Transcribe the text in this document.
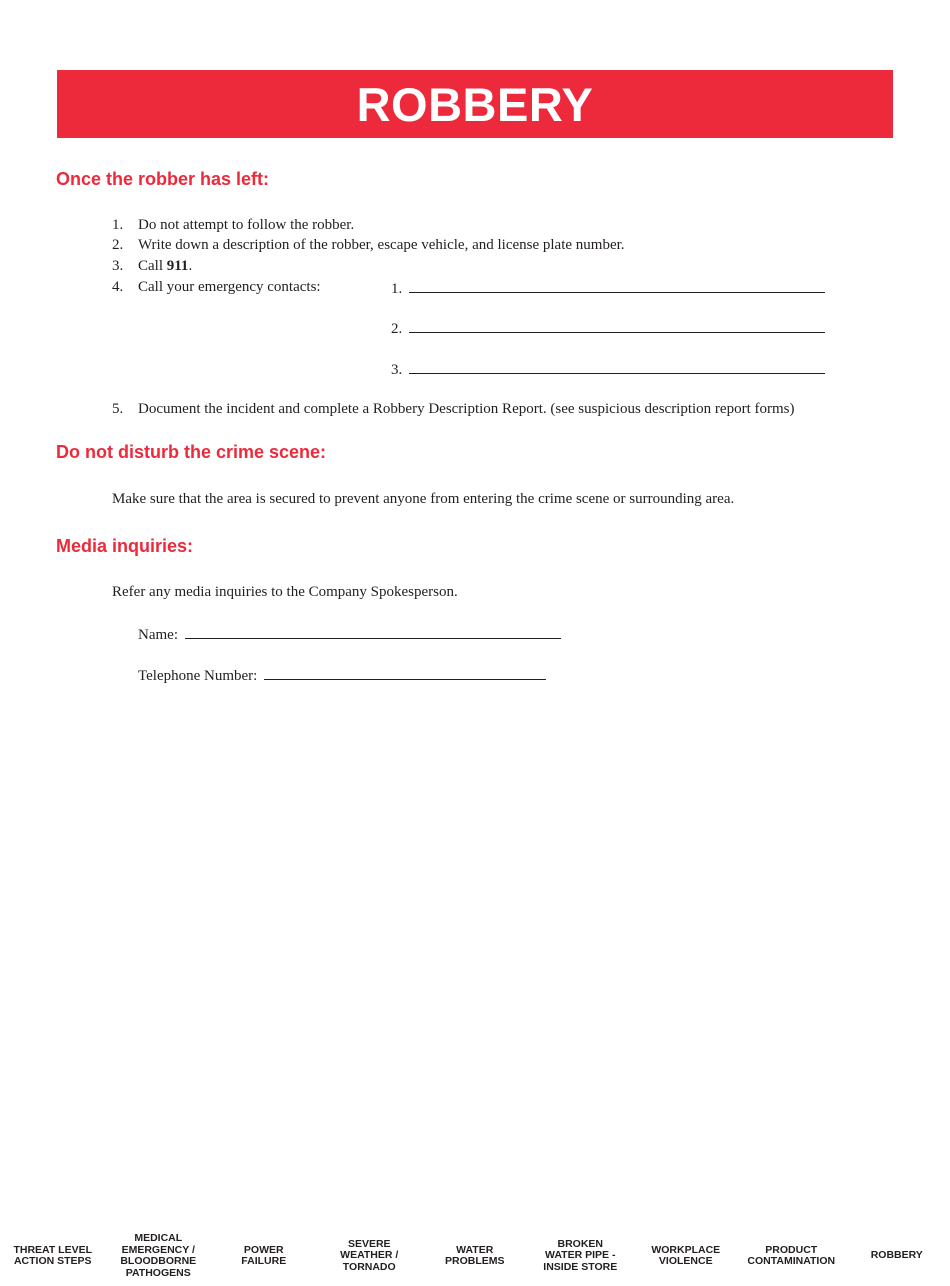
ROBBERY
Once the robber has left:
1. Do not attempt to follow the robber.
2. Write down a description of the robber, escape vehicle, and license plate number.
3. Call 911.
4. Call your emergency contacts:	1.
2.
3.
5. Document the incident and complete a Robbery Description Report. (see suspicious description report forms)
Do not disturb the crime scene:
Make sure that the area is secured to prevent anyone from entering the crime scene or surrounding area.
Media inquiries:
Refer any media inquiries to the Company Spokesperson.
Name:
Telephone Number:
THREAT LEVEL
ACTION STEPS
MEDICAL
EMERGENCY /
BLOODBORNE
PATHOGENS
POWER
FAILURE
SEVERE
WEATHER /
TORNADO
WATER
PROBLEMS
BROKEN
WATER PIPE -
INSIDE STORE
WORKPLACE
VIOLENCE
PRODUCT
CONTAMINATION	ROBBERY
